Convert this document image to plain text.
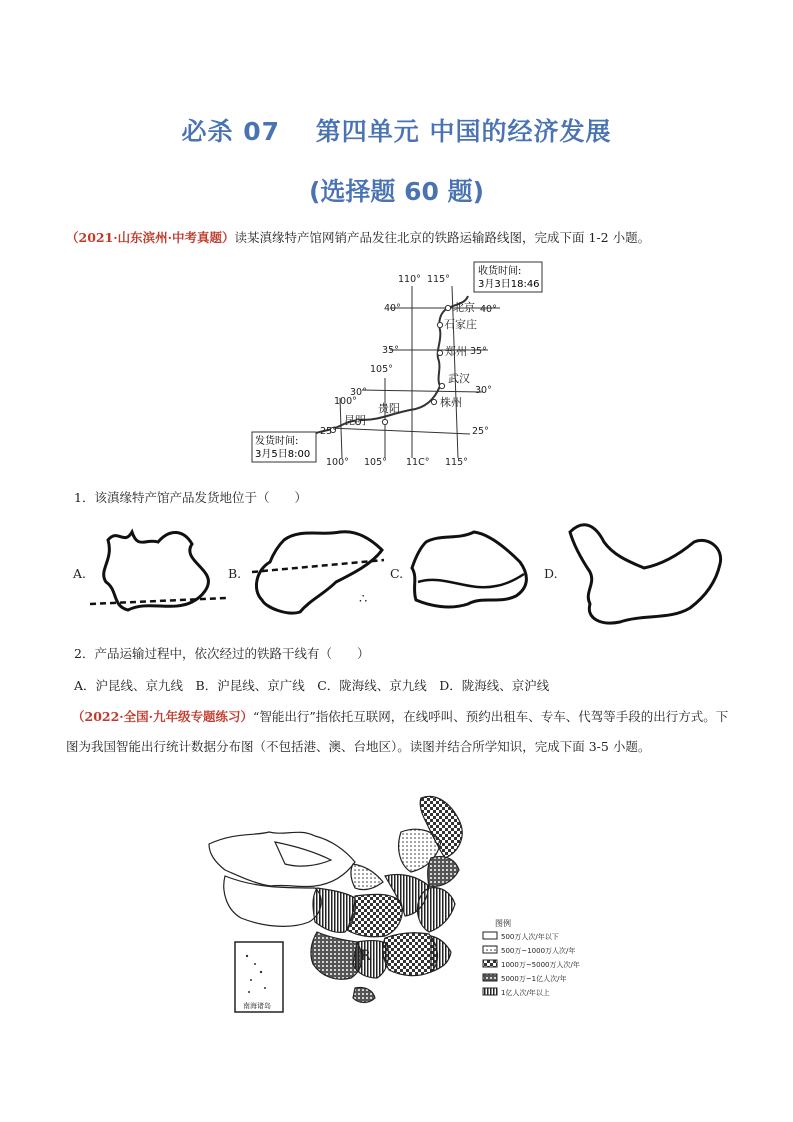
必杀 07　 第四单元 中国的经济发展
(选择题 60 题)
（2021·山东滨州·中考真题）读某滇缘特产馆网销产品发往北京的铁路运输路线图，完成下面 1-2 小题。
110° 115°
40°
35°
30°
25°
40°
35°
30°
25°
105°
100°
100° 105° 11C° 115°
北京
石家庄
郑州
武汉
株州
贵阳
昆明
收货时间:
3月3日18:46
发货时间:
3月5日8:00
1．该滇缘特产馆产品发货地位于（　　）
A.	B.
∴
C.	D.
2．产品运输过程中，依次经过的铁路干线有（　　）
A．沪昆线、京九线　B．沪昆线、京广线　C．陇海线、京九线　D．陇海线、京沪线
（2022·全国·九年级专题练习）“智能出行”指依托互联网，在线呼叫、预约出租车、专车、代驾等手段的出行方式。下图为我国智能出行统计数据分布图（不包括港、澳、台地区）。读图并结合所学知识，完成下面 3-5 小题。
南海诸岛
R
图例
500万人次/年以下
500万~1000万人次/年
1000万~5000万人次/年
5000万~1亿人次/年
1亿人次/年以上
